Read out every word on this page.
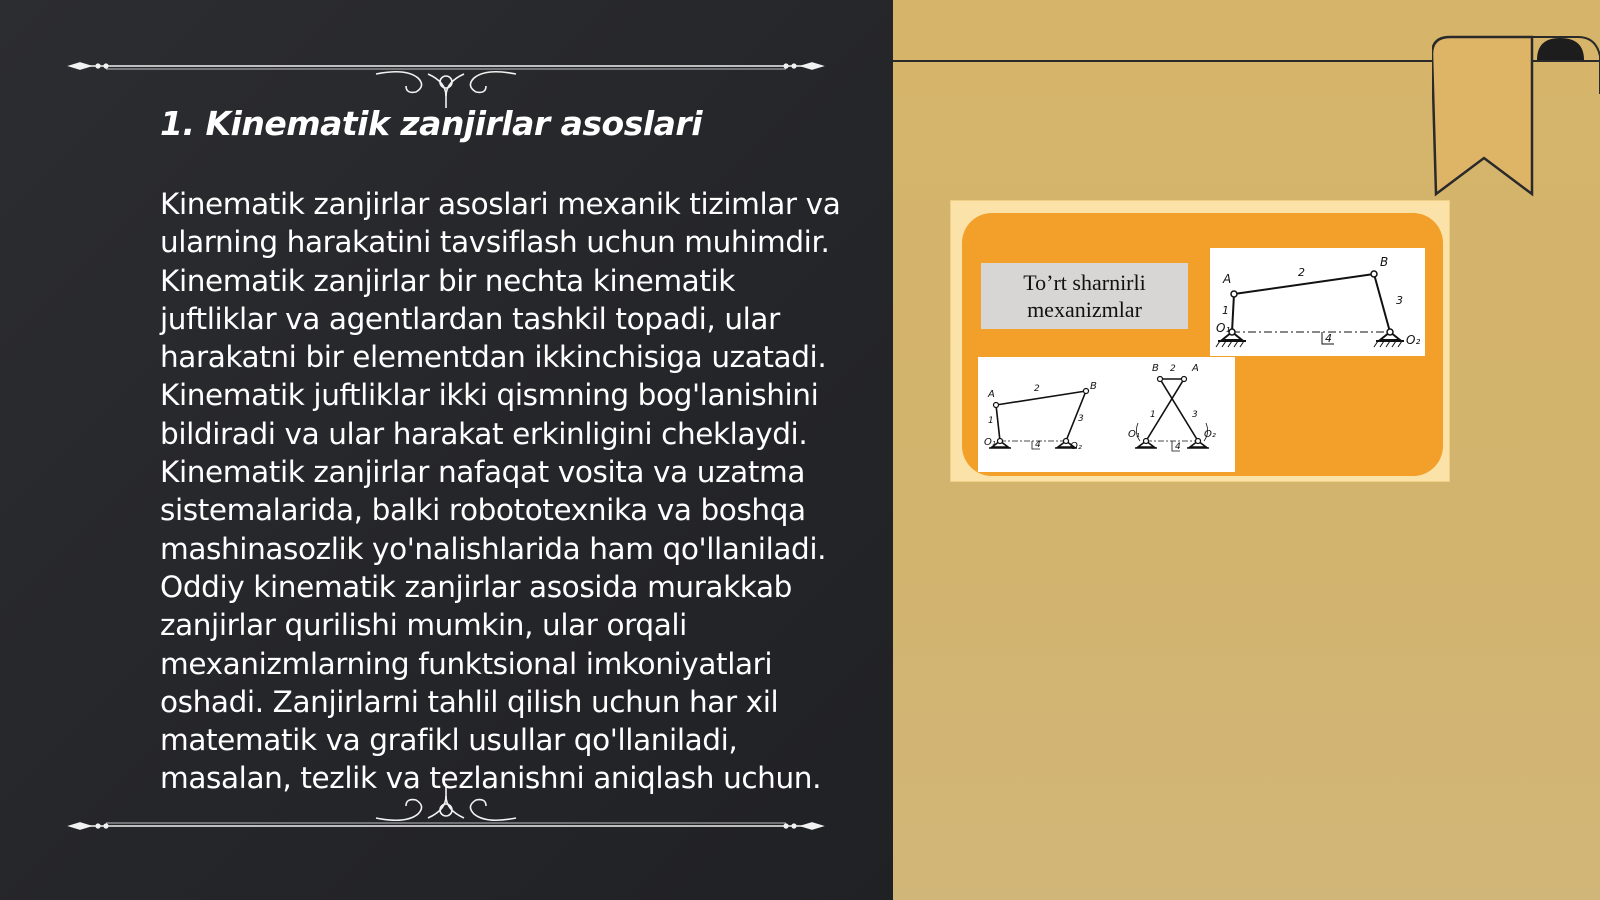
1. Kinematik zanjirlar asoslari

Kinematik zanjirlar asoslari mexanik tizimlar va ularning harakatini tavsiflash uchun muhimdir. Kinematik zanjirlar bir nechta kinematik juftliklar va agentlardan tashkil topadi, ular harakatni bir elementdan ikkinchisiga uzatadi. Kinematik juftliklar ikki qismning bog'lanishini bildiradi va ular harakat erkinligini cheklaydi. Kinematik zanjirlar nafaqat vosita va uzatma sistemalarida, balki robototexnika va boshqa mashinasozlik yo'nalishlarida ham qo'llaniladi. Oddiy kinematik zanjirlar asosida murakkab zanjirlar qurilishi mumkin, ular orqali mexanizmlarning funktsional imkoniyatlari oshadi. Zanjirlarni tahlil qilish uchun har xil matematik va grafikl usullar qo'llaniladi, masalan, tezlik va tezlanishni aniqlash uchun.

To’rt sharnirli
mexanizmlar
A
B
2
3
1
4
O₁
O₂
A
B
2
3
1
4
O₁	O₂
B	A
2
1	3
4
O₁	O₂
